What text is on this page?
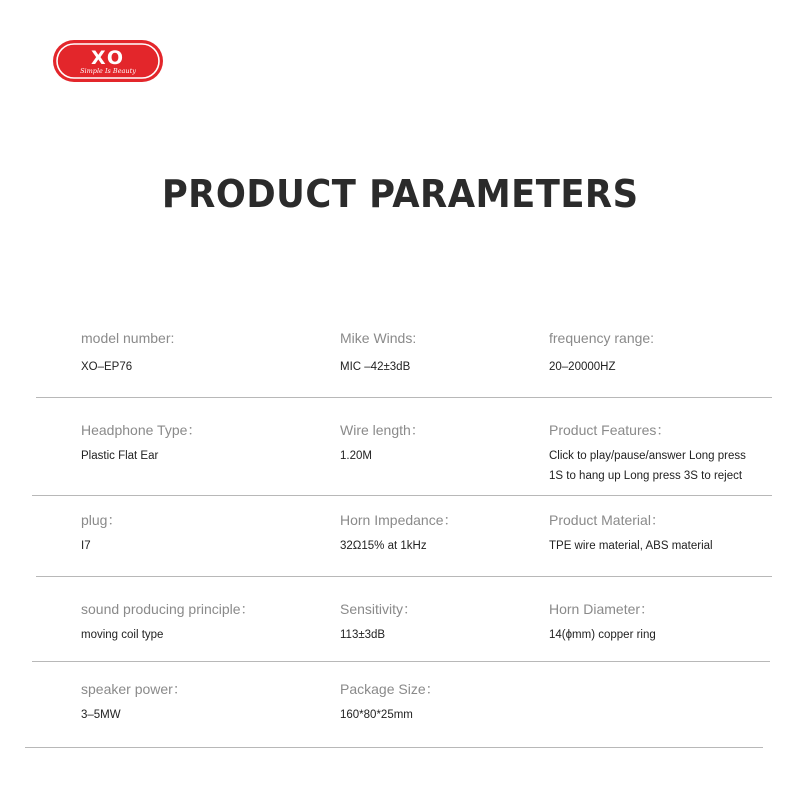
XO
Simple Is Beauty
PRODUCT PARAMETERS
model number:
XO–EP76
Mike Winds:
MIC –42±3dB
frequency range:
20–20000HZ
Headphone Type：
Plastic Flat Ear
Wire length：
1.20M
Product Features：
Click to play/pause/answer Long press
1S to hang up Long press 3S to reject
plug：
I7
Horn Impedance：
32Ω15% at 1kHz
Product Material：
TPE wire material, ABS material
sound producing principle：
moving coil type
Sensitivity：
113±3dB
Horn Diameter：
14(ϕmm) copper ring
speaker power：
3–5MW
Package Size：
160*80*25mm
